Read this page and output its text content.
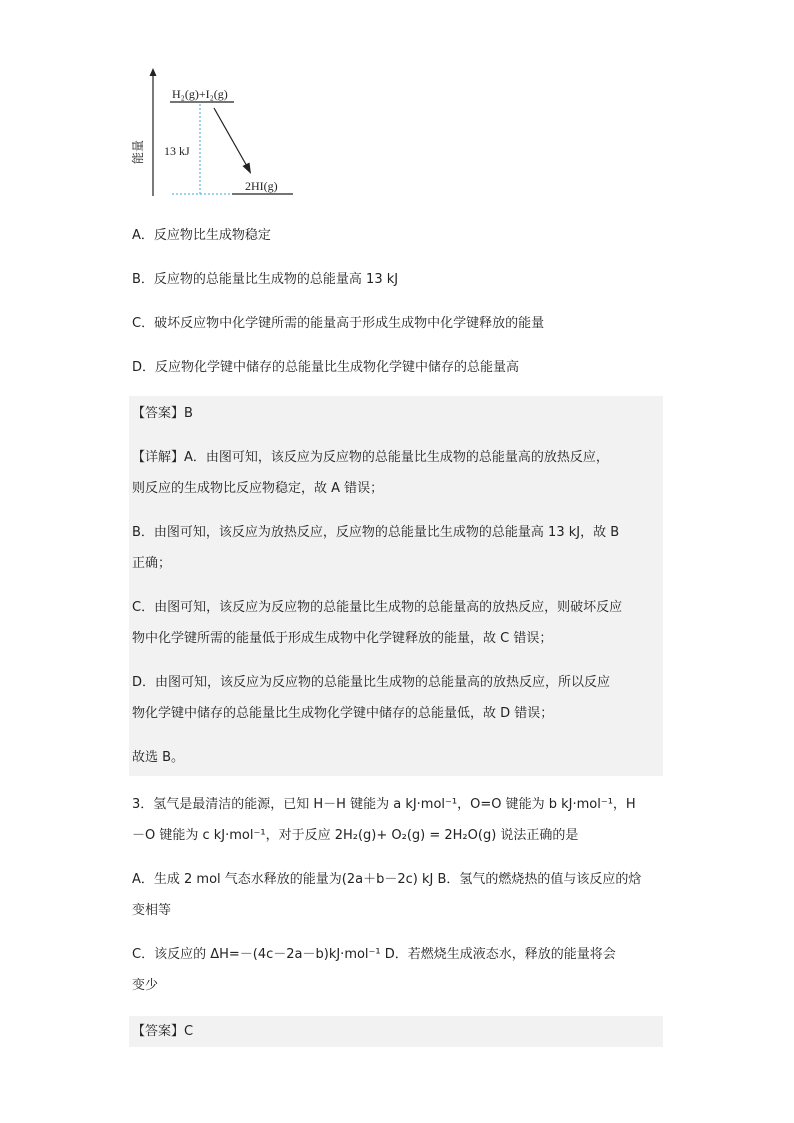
能量
H₂(g)+I₂(g)
13 kJ
2HI(g)
A．反应物比生成物稳定
B．反应物的总能量比生成物的总能量高 13 kJ
C．破坏反应物中化学键所需的能量高于形成生成物中化学键释放的能量
D．反应物化学键中储存的总能量比生成物化学键中储存的总能量高
【答案】B
【详解】A．由图可知，该反应为反应物的总能量比生成物的总能量高的放热反应，
则反应的生成物比反应物稳定，故 A 错误；
B．由图可知，该反应为放热反应，反应物的总能量比生成物的总能量高 13 kJ，故 B
正确；
C．由图可知，该反应为反应物的总能量比生成物的总能量高的放热反应，则破坏反应
物中化学键所需的能量低于形成生成物中化学键释放的能量，故 C 错误；
D．由图可知，该反应为反应物的总能量比生成物的总能量高的放热反应，所以反应
物化学键中储存的总能量比生成物化学键中储存的总能量低，故 D 错误；
故选 B。
3．氢气是最清洁的能源，已知 H－H 键能为 a kJ·mol⁻¹，O=O 键能为 b kJ·mol⁻¹，H
－O 键能为 c kJ·mol⁻¹，对于反应 2H₂(g)+ O₂(g) = 2H₂O(g) 说法正确的是
A．生成 2 mol 气态水释放的能量为(2a＋b－2c) kJ B．氢气的燃烧热的值与该反应的焓
变相等
C．该反应的 ΔH=－(4c－2a－b)kJ·mol⁻¹ D．若燃烧生成液态水，释放的能量将会
变少
【答案】C
